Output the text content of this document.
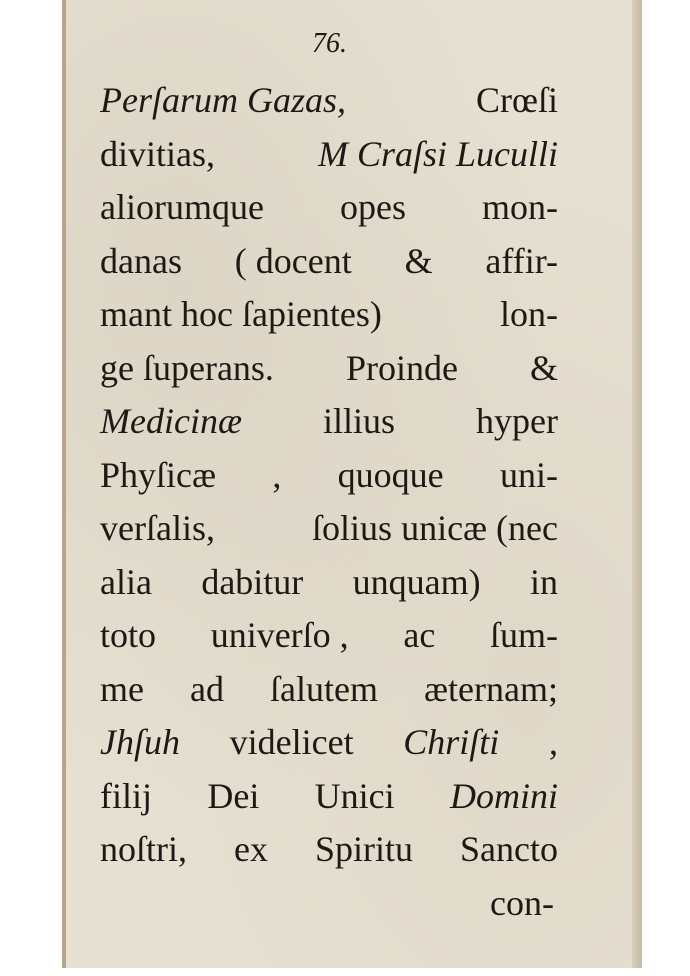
76.
Perſarum Gazas,	Crœſi
divitias,	M Craſsi Luculli
aliorumque opes mon-
danas ( docent & affir-
mant hoc ſapientes)	lon-
ge ſuperans. Proinde &
Medicinæ illius hyper
Phyſicæ , quoque uni-
verſalis,	ſolius unicæ (nec
alia dabitur unquam) in
toto univerſo , ac ſum-
me ad ſalutem æternam;
Jhſuh videlicet Chriſti ,
filij Dei Unici Domini
noſtri, ex Spiritu Sancto
con-
